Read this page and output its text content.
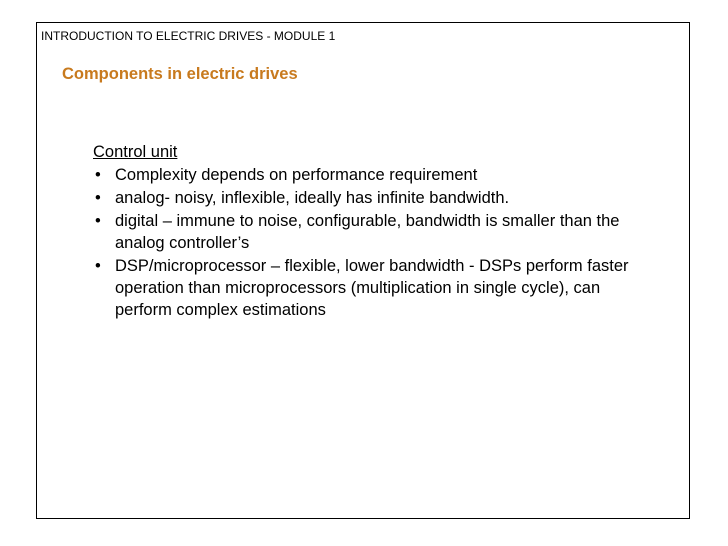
INTRODUCTION TO ELECTRIC DRIVES - MODULE 1
Components in electric drives
Control unit
• Complexity depends on performance requirement
• analog- noisy, inflexible, ideally has infinite bandwidth.
• digital – immune to noise, configurable, bandwidth is smaller than the analog controller’s
• DSP/microprocessor – flexible, lower bandwidth - DSPs perform faster operation than microprocessors (multiplication in single cycle), can perform complex estimations
